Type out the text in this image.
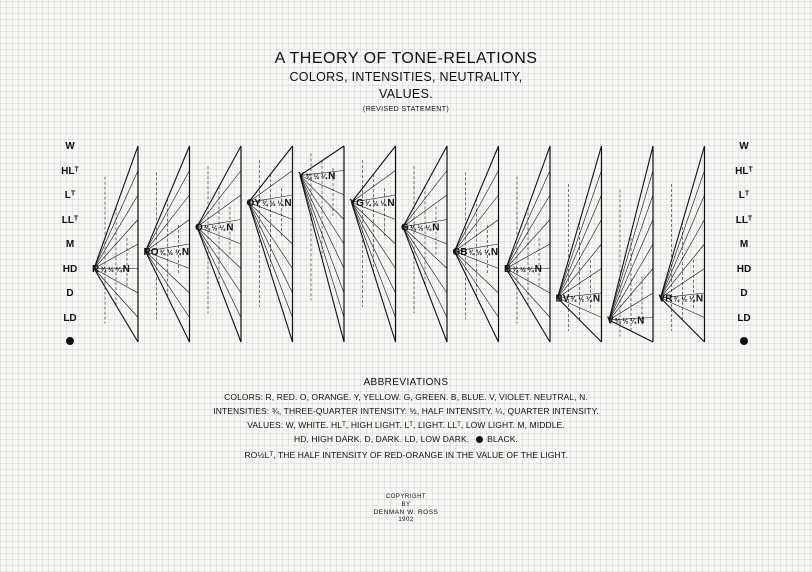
A THEORY OF TONE-RELATIONS
COLORS, INTENSITIES, NEUTRALITY,
VALUES.
(REVISED STATEMENT)
W
HLᵀ
Lᵀ
LLᵀ
M
HD
D
LD
W
HLᵀ
Lᵀ
LLᵀ
M
HD
D
LD
R¾ ½ ¼N
RO¾ ½ ¼N
O¾ ½ ¼N
OY¾ ½ ¼N
Y¾ ½ ¼N
YG¾ ½ ¼N
G¾ ½ ¼N
GB¾ ½ ¼N
B¾ ½ ¼N
BV¾ ½ ¼N
V¾ ½ ¼N
VR¾ ½ ¼N
ABBREVIATIONS
COLORS: R, RED. O, ORANGE. Y, YELLOW. G, GREEN. B, BLUE. V, VIOLET. NEUTRAL, N.
INTENSITIES: ¾, THREE-QUARTER INTENSITY. ½, HALF INTENSITY. ¼, QUARTER INTENSITY.
VALUES: W, WHITE. HLᵀ, HIGH LIGHT. Lᵀ, LIGHT. LLᵀ, LOW LIGHT. M, MIDDLE.
HD, HIGH DARK. D, DARK. LD, LOW DARK. BLACK.
RO½Lᵀ, THE HALF INTENSITY OF RED-ORANGE IN THE VALUE OF THE LIGHT.
COPYRIGHT
BY
DENMAN W. ROSS
1902
